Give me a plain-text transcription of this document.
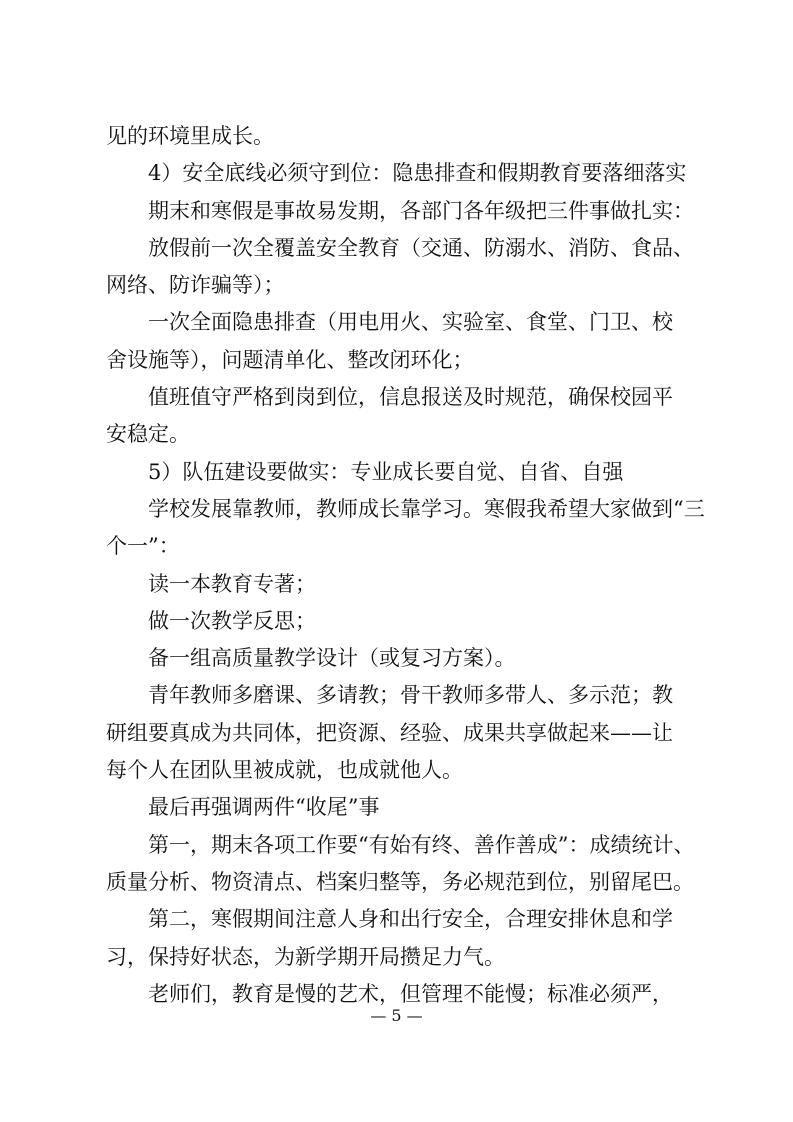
见的环境里成长。
4）安全底线必须守到位：隐患排查和假期教育要落细落实
期末和寒假是事故易发期，各部门各年级把三件事做扎实：
放假前一次全覆盖安全教育（交通、防溺水、消防、食品、
网络、防诈骗等）；
一次全面隐患排查（用电用火、实验室、食堂、门卫、校
舍设施等），问题清单化、整改闭环化；
值班值守严格到岗到位，信息报送及时规范，确保校园平
安稳定。
5）队伍建设要做实：专业成长要自觉、自省、自强
学校发展靠教师，教师成长靠学习。寒假我希望大家做到“三
个一”：
读一本教育专著；
做一次教学反思；
备一组高质量教学设计（或复习方案）。
青年教师多磨课、多请教；骨干教师多带人、多示范；教
研组要真成为共同体，把资源、经验、成果共享做起来——让
每个人在团队里被成就，也成就他人。
最后再强调两件“收尾”事
第一，期末各项工作要“有始有终、善作善成”：成绩统计、
质量分析、物资清点、档案归整等，务必规范到位，别留尾巴。
第二，寒假期间注意人身和出行安全，合理安排休息和学
习，保持好状态，为新学期开局攒足力气。
老师们，教育是慢的艺术，但管理不能慢；标准必须严，
— 5 —
